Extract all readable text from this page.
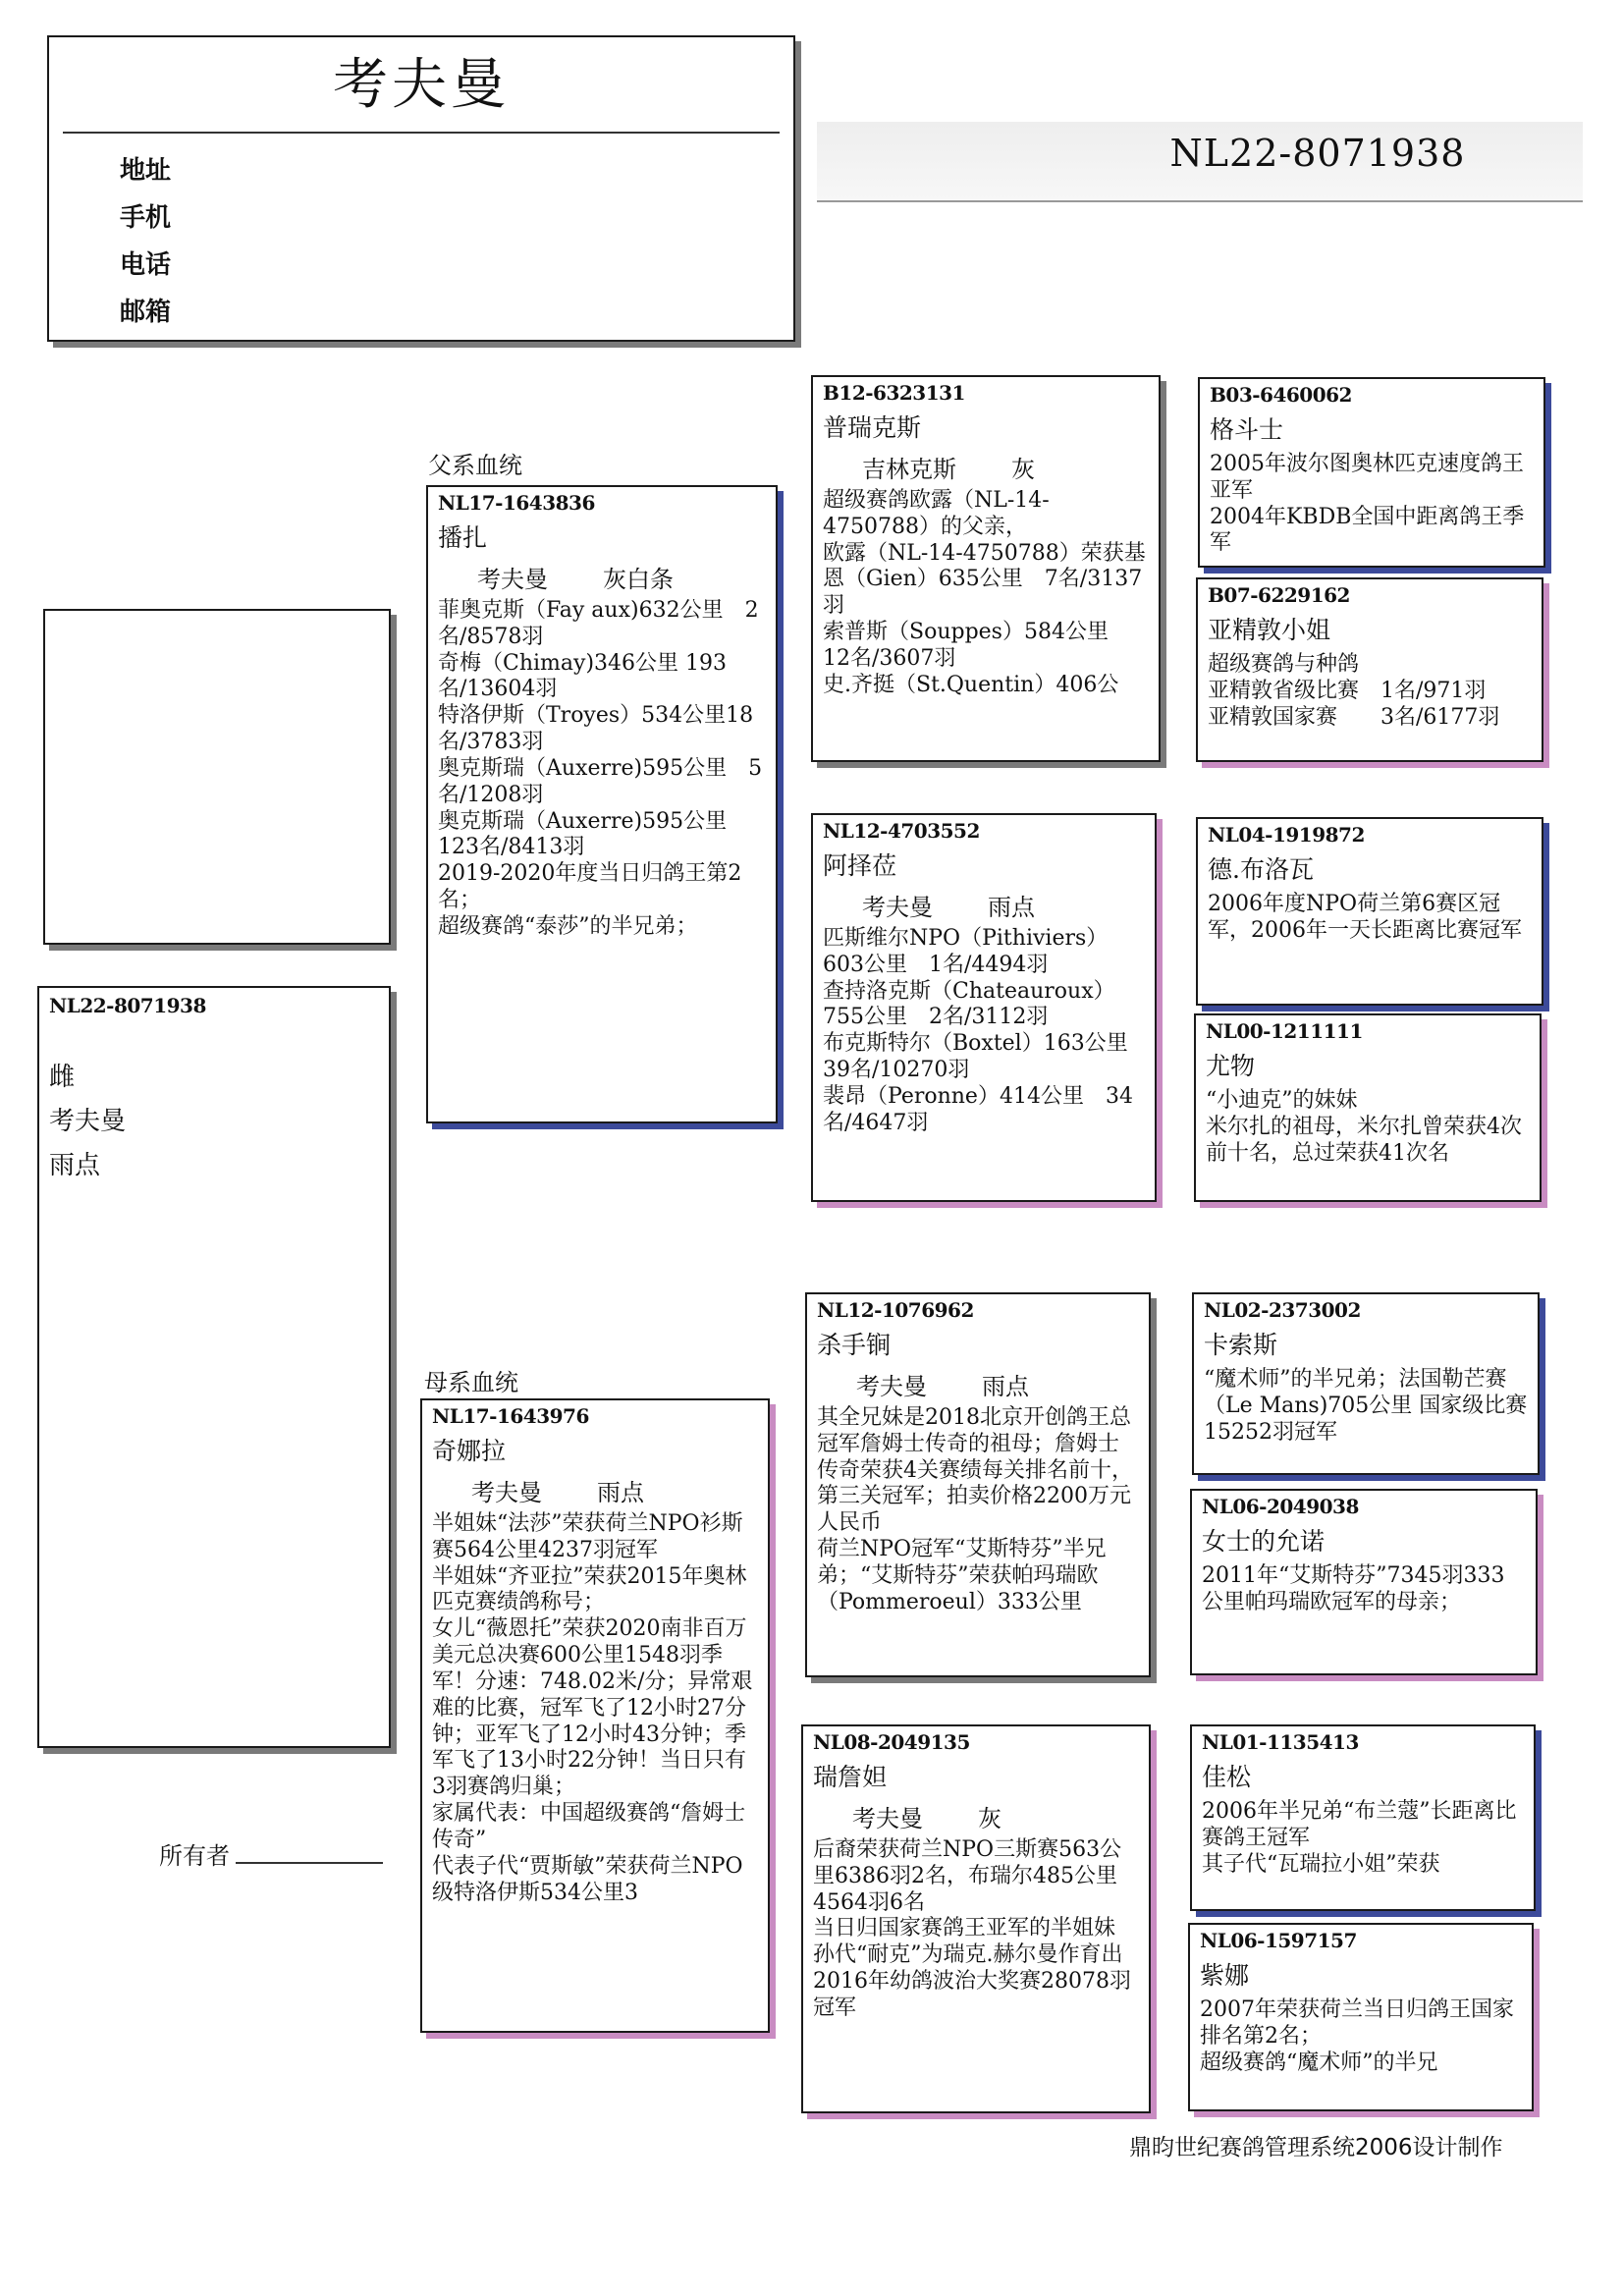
考夫曼
地址
手机
电话
邮箱
NL22-8071938
NL22-8071938
雌
考夫曼
雨点
父系血统
母系血统
NL17-1643836
播扎
考夫曼 灰白条
菲奥克斯（Fay aux)632公里　2名/8578羽
奇梅（Chimay)346公里 193名/13604羽
特洛伊斯（Troyes）534公里18名/3783羽
奥克斯瑞（Auxerre)595公里　5名/1208羽
奥克斯瑞（Auxerre)595公里　123名/8413羽
2019-2020年度当日归鸽王第2名；
超级赛鸽“泰莎”的半兄弟；
NL17-1643976
奇娜拉
考夫曼 雨点
半姐妹“法莎”荣获荷兰NPO衫斯赛564公里4237羽冠军
半姐妹“齐亚拉”荣获2015年奥林匹克赛绩鸽称号；
女儿“薇恩托”荣获2020南非百万美元总决赛600公里1548羽季军！分速：748.02米/分；异常艰难的比赛，冠军飞了12小时27分钟；亚军飞了12小时43分钟；季军飞了13小时22分钟！当日只有3羽赛鸽归巢；
家属代表：中国超级赛鸽“詹姆士传奇”
代表子代“贾斯敏”荣获荷兰NPO级特洛伊斯534公里3
B12-6323131
普瑞克斯
吉林克斯 灰
超级赛鸽欧露（NL-14-4750788）的父亲，
欧露（NL-14-4750788）荣获基恩（Gien）635公里　7名/3137羽
索普斯（Souppes）584公里　12名/3607羽
史.齐挺（St.Quentin）406公
NL12-4703552
阿择莅
考夫曼 雨点
匹斯维尔NPO（Pithiviers）603公里　1名/4494羽
查持洛克斯（Chateauroux）755公里　2名/3112羽
布克斯特尔（Boxtel）163公里　39名/10270羽
裴昂（Peronne）414公里　34名/4647羽
NL12-1076962
杀手锏
考夫曼 雨点
其全兄妹是2018北京开创鸽王总冠军詹姆士传奇的祖母；詹姆士传奇荣获4关赛绩每关排名前十，第三关冠军；拍卖价格2200万元人民币
荷兰NPO冠军“艾斯特芬”半兄弟；“艾斯特芬”荣获帕玛瑞欧（Pommeroeul）333公里
NL08-2049135
瑞詹妲
考夫曼 灰
后裔荣获荷兰NPO三斯赛563公里6386羽2名，布瑞尔485公里4564羽6名
当日归国家赛鸽王亚军的半姐妹
孙代“耐克”为瑞克.赫尔曼作育出2016年幼鸽波治大奖赛28078羽冠军
B03-6460062
格斗士
2005年波尔图奥林匹克速度鸽王亚军
2004年KBDB全国中距离鸽王季军
B07-6229162
亚精敦小姐
超级赛鸽与种鸽
亚精敦省级比赛　1名/971羽
亚精敦国家赛　　3名/6177羽
NL04-1919872
德.布洛瓦
2006年度NPO荷兰第6赛区冠军，2006年一天长距离比赛冠军
NL00-1211111
尤物
“小迪克”的妹妹
米尔扎的祖母，米尔扎曾荣获4次前十名，总过荣获41次名
NL02-2373002
卡索斯
“魔术师”的半兄弟；法国勒芒赛（Le Mans)705公里 国家级比赛15252羽冠军
NL06-2049038
女士的允诺
2011年“艾斯特芬”7345羽333公里帕玛瑞欧冠军的母亲；
NL01-1135413
佳松
2006年半兄弟“布兰蔻”长距离比赛鸽王冠军
其子代“瓦瑞拉小姐”荣获
NL06-1597157
紫娜
2007年荣获荷兰当日归鸽王国家排名第2名；
超级赛鸽“魔术师”的半兄
所有者
鼎昀世纪赛鸽管理系统2006设计制作
